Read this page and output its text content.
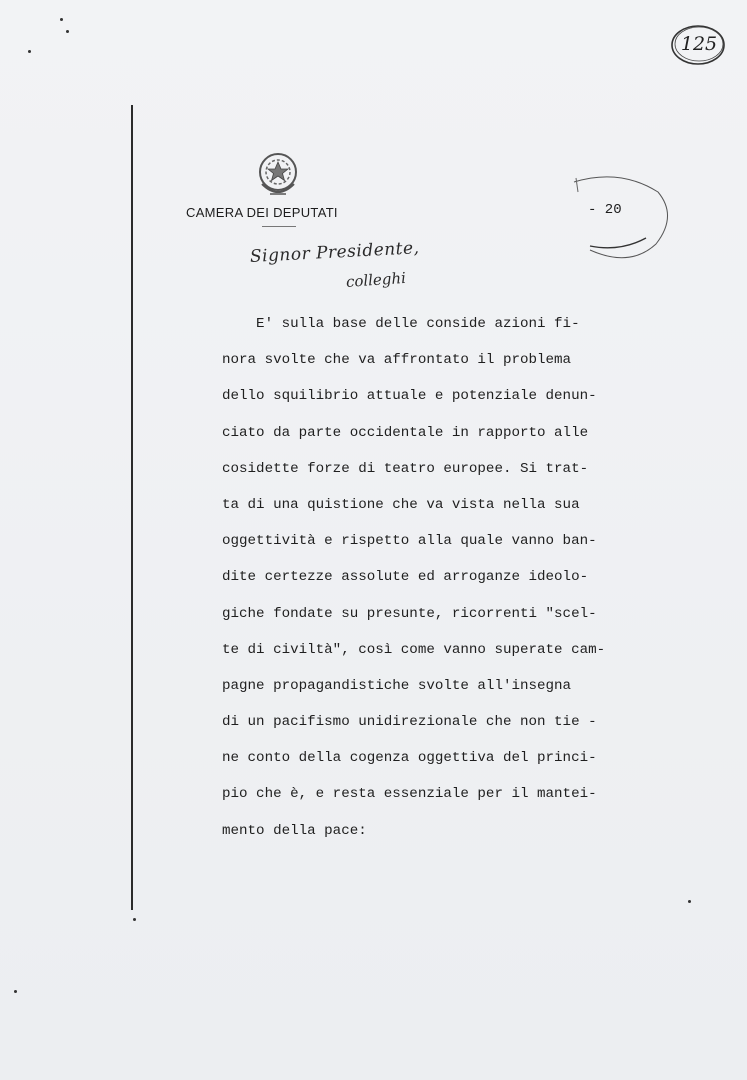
125
CAMERA DEI DEPUTATI	- 20
Signor Presidente,
colleghi
E' sulla base delle conside azioni fi-
nora svolte che va affrontato il problema
dello squilibrio attuale e potenziale denun-
ciato da parte occidentale in rapporto alle
cosidette forze di teatro europee. Si trat-
ta di una quistione che va vista nella sua
oggettività e rispetto alla quale vanno ban-
dite certezze assolute ed arroganze ideolo-
giche fondate su presunte, ricorrenti "scel-
te di civiltà", così come vanno superate cam-
pagne propagandistiche svolte all'insegna
di un pacifismo unidirezionale che non tie -
ne conto della cogenza oggettiva del princi-
pio che è, e resta essenziale per il mantei-
mento della pace:
